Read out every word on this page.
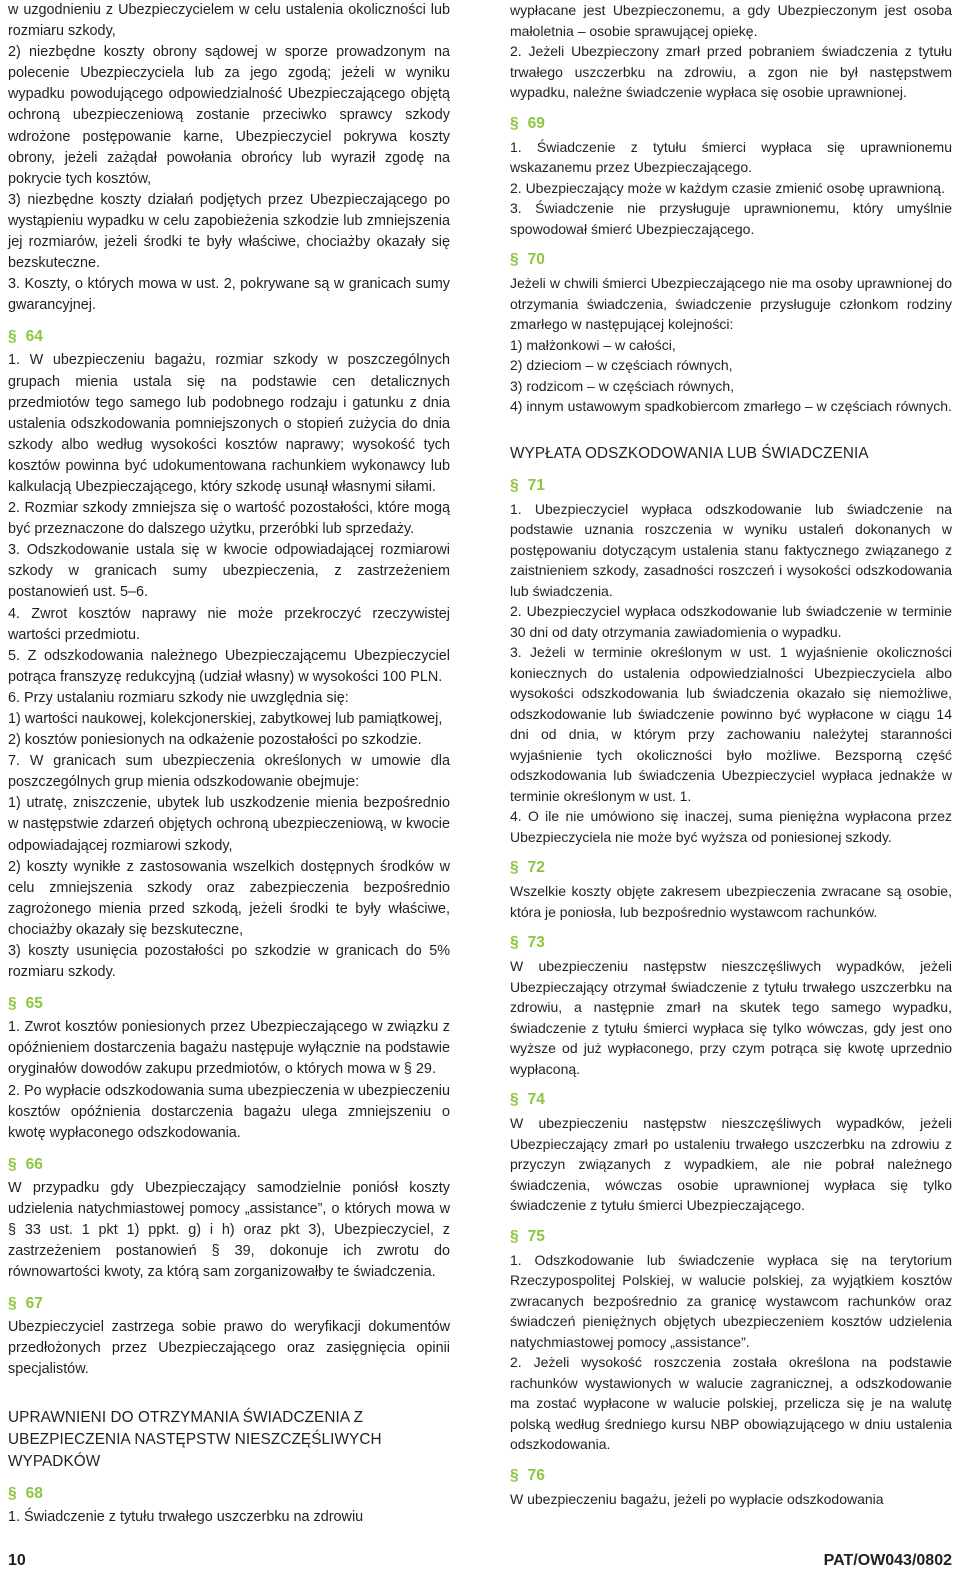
w uzgodnieniu z Ubezpieczycielem w celu ustalenia okoliczności lub rozmiaru szkody,

2) niezbędne koszty obrony sądowej w sporze prowadzonym na polecenie Ubezpieczyciela lub za jego zgodą; jeżeli w wyniku wypadku powodującego odpowiedzialność Ubezpieczającego objętą ochroną ubezpieczeniową zostanie przeciwko sprawcy szkody wdrożone postępowanie karne, Ubezpieczyciel pokrywa koszty obrony, jeżeli zażądał powołania obrońcy lub wyraził zgodę na pokrycie tych kosztów,

3) niezbędne koszty działań podjętych przez Ubezpieczającego po wystąpieniu wypadku w celu zapobieżenia szkodzie lub zmniejszenia jej rozmiarów, jeżeli środki te były właściwe, chociażby okazały się bezskuteczne.

3. Koszty, o których mowa w ust. 2, pokrywane są w granicach sumy gwarancyjnej.

§ 64

1. W ubezpieczeniu bagażu, rozmiar szkody w poszczególnych grupach mienia ustala się na podstawie cen detalicznych przedmiotów tego samego lub podobnego rodzaju i gatunku z dnia ustalenia odszkodowania pomniejszonych o stopień zużycia do dnia szkody albo według wysokości kosztów naprawy; wysokość tych kosztów powinna być udokumentowana rachunkiem wykonawcy lub kalkulacją Ubezpieczającego, który szkodę usunął własnymi siłami.

2. Rozmiar szkody zmniejsza się o wartość pozostałości, które mogą być przeznaczone do dalszego użytku, przeróbki lub sprzedaży.

3. Odszkodowanie ustala się w kwocie odpowiadającej rozmiarowi szkody w granicach sumy ubezpieczenia, z zastrzeżeniem postanowień ust. 5–6.

4. Zwrot kosztów naprawy nie może przekroczyć rzeczywistej wartości przedmiotu.

5. Z odszkodowania należnego Ubezpieczającemu Ubezpieczyciel potrąca franszyzę redukcyjną (udział własny) w wysokości 100 PLN.

6. Przy ustalaniu rozmiaru szkody nie uwzględnia się:

1) wartości naukowej, kolekcjonerskiej, zabytkowej lub pamiątkowej,

2) kosztów poniesionych na odkażenie pozostałości po szkodzie.

7. W granicach sum ubezpieczenia określonych w umowie dla poszczególnych grup mienia odszkodowanie obejmuje:

1) utratę, zniszczenie, ubytek lub uszkodzenie mienia bezpośrednio w następstwie zdarzeń objętych ochroną ubezpieczeniową, w kwocie odpowiadającej rozmiarowi szkody,

2) koszty wynikłe z zastosowania wszelkich dostępnych środków w celu zmniejszenia szkody oraz zabezpieczenia bezpośrednio zagrożonego mienia przed szkodą, jeżeli środki te były właściwe, chociażby okazały się bezskuteczne,

3) koszty usunięcia pozostałości po szkodzie w granicach do 5% rozmiaru szkody.

§ 65

1. Zwrot kosztów poniesionych przez Ubezpieczającego w związku z opóźnieniem dostarczenia bagażu następuje wyłącznie na podstawie oryginałów dowodów zakupu przedmiotów, o których mowa w § 29.

2. Po wypłacie odszkodowania suma ubezpieczenia w ubezpieczeniu kosztów opóźnienia dostarczenia bagażu ulega zmniejszeniu o kwotę wypłaconego odszkodowania.

§ 66

W przypadku gdy Ubezpieczający samodzielnie poniósł koszty udzielenia natychmiastowej pomocy „assistance”, o których mowa w § 33 ust. 1 pkt 1) ppkt. g) i h) oraz pkt 3), Ubezpieczyciel, z zastrzeżeniem postanowień § 39, dokonuje ich zwrotu do równowartości kwoty, za którą sam zorganizowałby te świadczenia.

§ 67

Ubezpieczyciel zastrzega sobie prawo do weryfikacji dokumentów przedłożonych przez Ubezpieczającego oraz zasięgnięcia opinii specjalistów.

UPRAWNIENI DO OTRZYMANIA ŚWIADCZENIA Z UBEZPIECZENIA NASTĘPSTW NIESZCZĘŚLIWYCH WYPADKÓW
§ 68

1. Świadczenie z tytułu trwałego uszczerbku na zdrowiu

wypłacane jest Ubezpieczonemu, a gdy Ubezpieczonym jest osoba małoletnia – osobie sprawującej opiekę.

2. Jeżeli Ubezpieczony zmarł przed pobraniem świadczenia z tytułu trwałego uszczerbku na zdrowiu, a zgon nie był następstwem wypadku, należne świadczenie wypłaca się osobie uprawnionej.

§ 69

1. Świadczenie z tytułu śmierci wypłaca się uprawnionemu wskazanemu przez Ubezpieczającego.

2. Ubezpieczający może w każdym czasie zmienić osobę uprawnioną.

3. Świadczenie nie przysługuje uprawnionemu, który umyślnie spowodował śmierć Ubezpieczającego.

§ 70

Jeżeli w chwili śmierci Ubezpieczającego nie ma osoby uprawnionej do otrzymania świadczenia, świadczenie przysługuje członkom rodziny zmarłego w następującej kolejności:

1) małżonkowi – w całości,

2) dzieciom – w częściach równych,

3) rodzicom – w częściach równych,

4) innym ustawowym spadkobiercom zmarłego – w częściach równych.

WYPŁATA ODSZKODOWANIA LUB ŚWIADCZENIA
§ 71

1. Ubezpieczyciel wypłaca odszkodowanie lub świadczenie na podstawie uznania roszczenia w wyniku ustaleń dokonanych w postępowaniu dotyczącym ustalenia stanu faktycznego związanego z zaistnieniem szkody, zasadności roszczeń i wysokości odszkodowania lub świadczenia.

2. Ubezpieczyciel wypłaca odszkodowanie lub świadczenie w terminie 30 dni od daty otrzymania zawiadomienia o wypadku.

3. Jeżeli w terminie określonym w ust. 1 wyjaśnienie okoliczności koniecznych do ustalenia odpowiedzialności Ubezpieczyciela albo wysokości odszkodowania lub świadczenia okazało się niemożliwe, odszkodowanie lub świadczenie powinno być wypłacone w ciągu 14 dni od dnia, w którym przy zachowaniu należytej staranności wyjaśnienie tych okoliczności było możliwe. Bezsporną część odszkodowania lub świadczenia Ubezpieczyciel wypłaca jednakże w terminie określonym w ust. 1.

4. O ile nie umówiono się inaczej, suma pieniężna wypłacona przez Ubezpieczyciela nie może być wyższa od poniesionej szkody.

§ 72

Wszelkie koszty objęte zakresem ubezpieczenia zwracane są osobie, która je poniosła, lub bezpośrednio wystawcom rachunków.

§ 73

W ubezpieczeniu następstw nieszczęśliwych wypadków, jeżeli Ubezpieczający otrzymał świadczenie z tytułu trwałego uszczerbku na zdrowiu, a następnie zmarł na skutek tego samego wypadku, świadczenie z tytułu śmierci wypłaca się tylko wówczas, gdy jest ono wyższe od już wypłaconego, przy czym potrąca się kwotę uprzednio wypłaconą.

§ 74

W ubezpieczeniu następstw nieszczęśliwych wypadków, jeżeli Ubezpieczający zmarł po ustaleniu trwałego uszczerbku na zdrowiu z przyczyn związanych z wypadkiem, ale nie pobrał należnego świadczenia, wówczas osobie uprawnionej wypłaca się tylko świadczenie z tytułu śmierci Ubezpieczającego.

§ 75

1. Odszkodowanie lub świadczenie wypłaca się na terytorium Rzeczypospolitej Polskiej, w walucie polskiej, za wyjątkiem kosztów zwracanych bezpośrednio za granicę wystawcom rachunków oraz świadczeń pieniężnych objętych ubezpieczeniem kosztów udzielenia natychmiastowej pomocy „assistance”.

2. Jeżeli wysokość roszczenia została określona na podstawie rachunków wystawionych w walucie zagranicznej, a odszkodowanie ma zostać wypłacone w walucie polskiej, przelicza się je na walutę polską według średniego kursu NBP obowiązującego w dniu ustalenia odszkodowania.

§ 76

W ubezpieczeniu bagażu, jeżeli po wypłacie odszkodowania

10	PAT/OW043/0802
